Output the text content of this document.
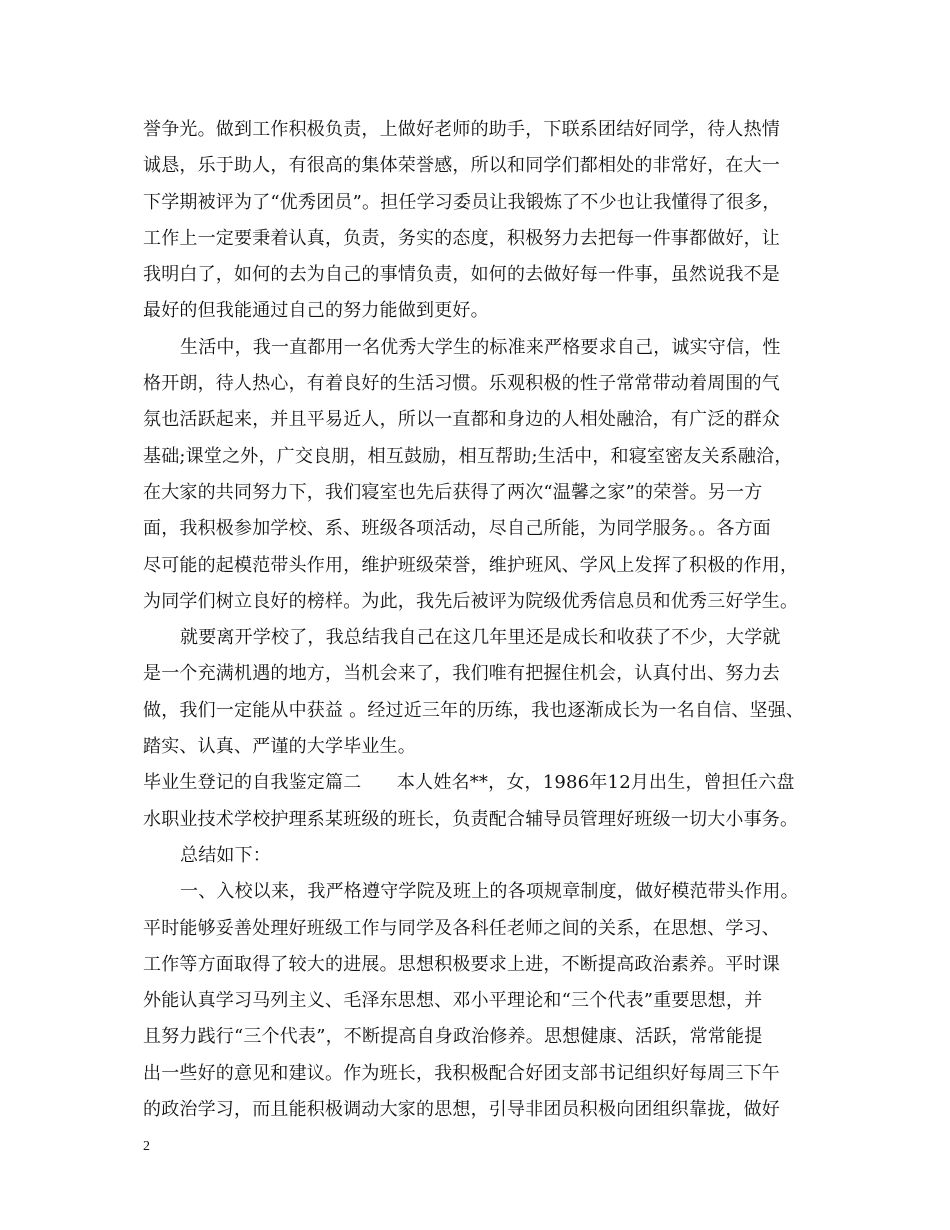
誉争光。做到工作积极负责，上做好老师的助手，下联系团结好同学，待人热情
诚恳，乐于助人，有很高的集体荣誉感，所以和同学们都相处的非常好，在大一
下学期被评为了“优秀团员”。担任学习委员让我锻炼了不少也让我懂得了很多，
工作上一定要秉着认真，负责，务实的态度，积极努力去把每一件事都做好，让
我明白了，如何的去为自己的事情负责，如何的去做好每一件事，虽然说我不是
最好的但我能通过自己的努力能做到更好。
生活中，我一直都用一名优秀大学生的标准来严格要求自己，诚实守信，性
格开朗，待人热心，有着良好的生活习惯。乐观积极的性子常常带动着周围的气
氛也活跃起来，并且平易近人，所以一直都和身边的人相处融洽，有广泛的群众
基础;课堂之外，广交良朋，相互鼓励，相互帮助;生活中，和寝室密友关系融洽，
在大家的共同努力下，我们寝室也先后获得了两次“温馨之家”的荣誉。另一方
面，我积极参加学校、系、班级各项活动，尽自己所能，为同学服务。。各方面
尽可能的起模范带头作用，维护班级荣誉，维护班风、学风上发挥了积极的作用，
为同学们树立良好的榜样。为此，我先后被评为院级优秀信息员和优秀三好学生。
就要离开学校了，我总结我自己在这几年里还是成长和收获了不少，大学就
是一个充满机遇的地方，当机会来了，我们唯有把握住机会，认真付出、努力去
做，我们一定能从中获益 。经过近三年的历练，我也逐渐成长为一名自信、坚强、
踏实、认真、严谨的大学毕业生。
毕业生登记的自我鉴定篇二      本人姓名**，女，1986年12月出生，曾担任六盘
水职业技术学校护理系某班级的班长，负责配合辅导员管理好班级一切大小事务。
总结如下：
一、入校以来，我严格遵守学院及班上的各项规章制度，做好模范带头作用。
平时能够妥善处理好班级工作与同学及各科任老师之间的关系，在思想、学习、
工作等方面取得了较大的进展。思想积极要求上进，不断提高政治素养。平时课
外能认真学习马列主义、毛泽东思想、邓小平理论和“三个代表”重要思想，并
且努力践行“三个代表”，不断提高自身政治修养。思想健康、活跃，常常能提
出一些好的意见和建议。作为班长，我积极配合好团支部书记组织好每周三下午
的政治学习，而且能积极调动大家的思想，引导非团员积极向团组织靠拢，做好
2
